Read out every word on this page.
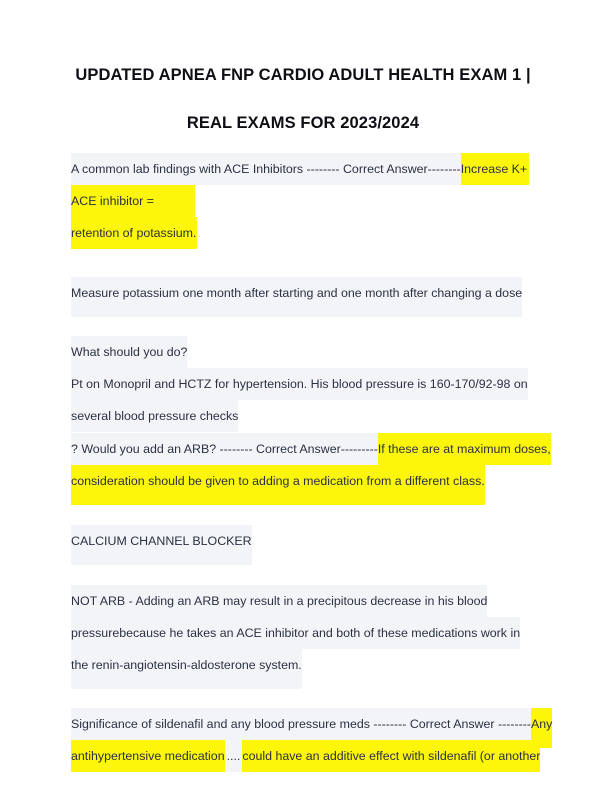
UPDATED APNEA FNP CARDIO ADULT HEALTH EXAM 1 |
REAL EXAMS FOR 2023/2024
A common lab findings with ACE Inhibitors -------- Correct Answer--------Increase K+
ACE inhibitor =
retention of potassium.
Measure potassium one month after starting and one month after changing a dose
What should you do?
Pt on Monopril and HCTZ for hypertension. His blood pressure is 160-170/92-98 on
several blood pressure checks
? Would you add an ARB? -------- Correct Answer---------If these are at maximum doses,
consideration should be given to adding a medication from a different class.
CALCIUM CHANNEL BLOCKER
NOT ARB - Adding an ARB may result in a precipitous decrease in his blood
pressurebecause he takes an ACE inhibitor and both of these medications work in
the renin-angiotensin-aldosterone system.
Significance of sildenafil and any blood pressure meds -------- Correct Answer --------Any
antihypertensive medication .... could have an additive effect with sildenafil (or another
